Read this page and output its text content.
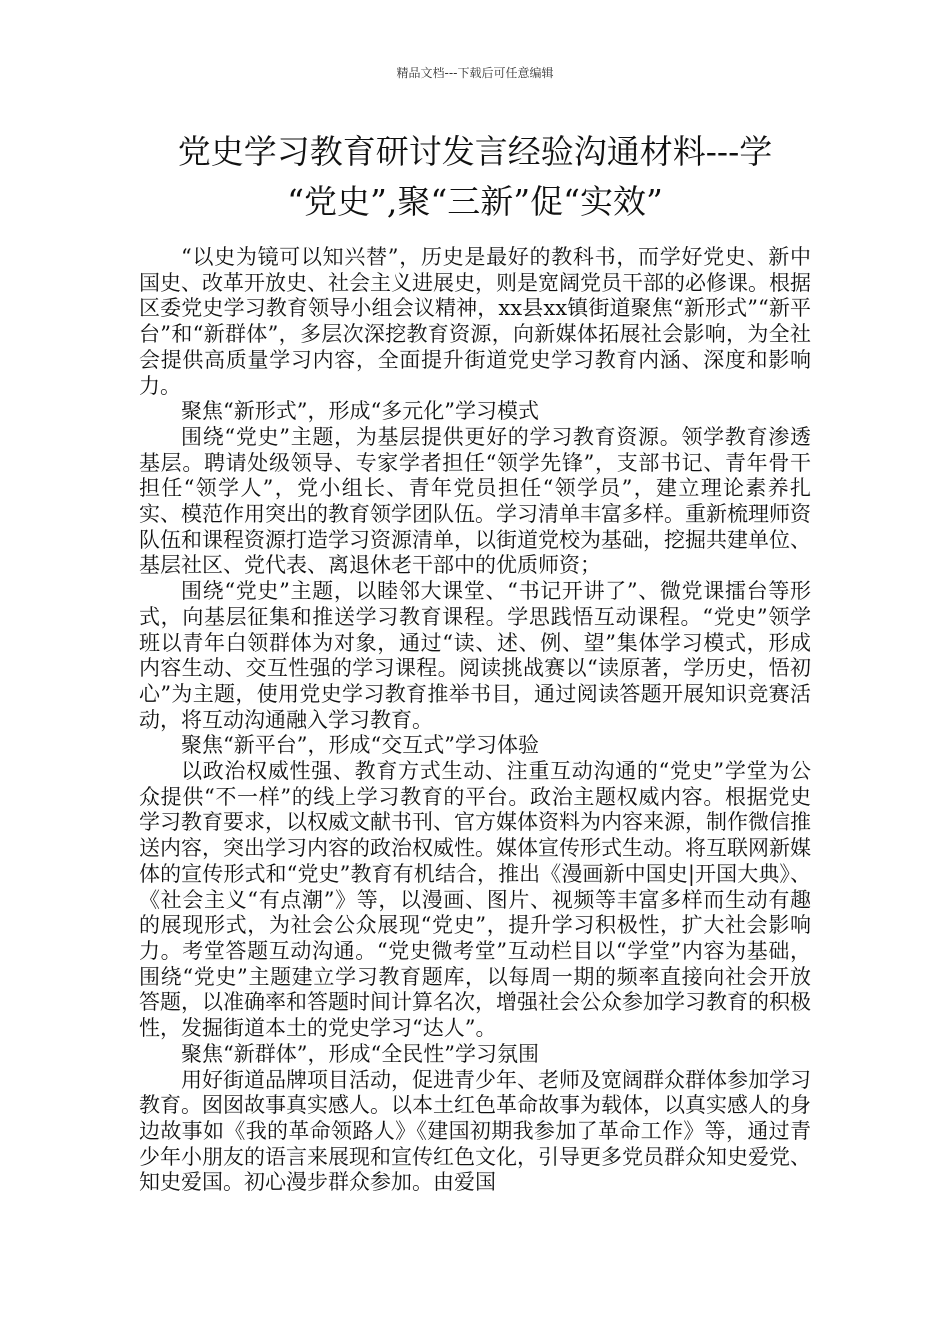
精品文档---下载后可任意编辑
党史学习教育研讨发言经验沟通材料---学
“党史”,聚“三新”促“实效”

“以史为镜可以知兴替”，历史是最好的教科书，而学好党史、新中国史、改革开放史、社会主义进展史，则是宽阔党员干部的必修课。根据区委党史学习教育领导小组会议精神，xx县xx镇街道聚焦“新形式”“新平台”和“新群体”，多层次深挖教育资源，向新媒体拓展社会影响，为全社会提供高质量学习内容，全面提升街道党史学习教育内涵、深度和影响力。

聚焦“新形式”，形成“多元化”学习模式

围绕“党史”主题，为基层提供更好的学习教育资源。领学教育渗透基层。聘请处级领导、专家学者担任“领学先锋”，支部书记、青年骨干担任“领学人”，党小组长、青年党员担任“领学员”，建立理论素养扎实、模范作用突出的教育领学团队伍。学习清单丰富多样。重新梳理师资队伍和课程资源打造学习资源清单，以街道党校为基础，挖掘共建单位、基层社区、党代表、离退休老干部中的优质师资；

围绕“党史”主题，以睦邻大课堂、“书记开讲了”、微党课擂台等形式，向基层征集和推送学习教育课程。学思践悟互动课程。“党史”领学班以青年白领群体为对象，通过“读、述、例、望”集体学习模式，形成内容生动、交互性强的学习课程。阅读挑战赛以“读原著，学历史，悟初心”为主题，使用党史学习教育推举书目，通过阅读答题开展知识竞赛活动，将互动沟通融入学习教育。

聚焦“新平台”，形成“交互式”学习体验

以政治权威性强、教育方式生动、注重互动沟通的“党史”学堂为公众提供“不一样”的线上学习教育的平台。政治主题权威内容。根据党史学习教育要求，以权威文献书刊、官方媒体资料为内容来源，制作微信推送内容，突出学习内容的政治权威性。媒体宣传形式生动。将互联网新媒体的宣传形式和“党史”教育有机结合，推出《漫画新中国史|开国大典》、《社会主义“有点潮”》等，以漫画、图片、视频等丰富多样而生动有趣的展现形式，为社会公众展现“党史”，提升学习积极性，扩大社会影响力。考堂答题互动沟通。“党史微考堂”互动栏目以“学堂”内容为基础，围绕“党史”主题建立学习教育题库，以每周一期的频率直接向社会开放答题，以准确率和答题时间计算名次，增强社会公众参加学习教育的积极性，发掘街道本土的党史学习“达人”。

聚焦“新群体”，形成“全民性”学习氛围

用好街道品牌项目活动，促进青少年、老师及宽阔群众群体参加学习教育。囡囡故事真实感人。以本土红色革命故事为载体，以真实感人的身边故事如《我的革命领路人》《建国初期我参加了革命工作》等，通过青少年小朋友的语言来展现和宣传红色文化，引导更多党员群众知史爱党、知史爱国。初心漫步群众参加。由爱国
